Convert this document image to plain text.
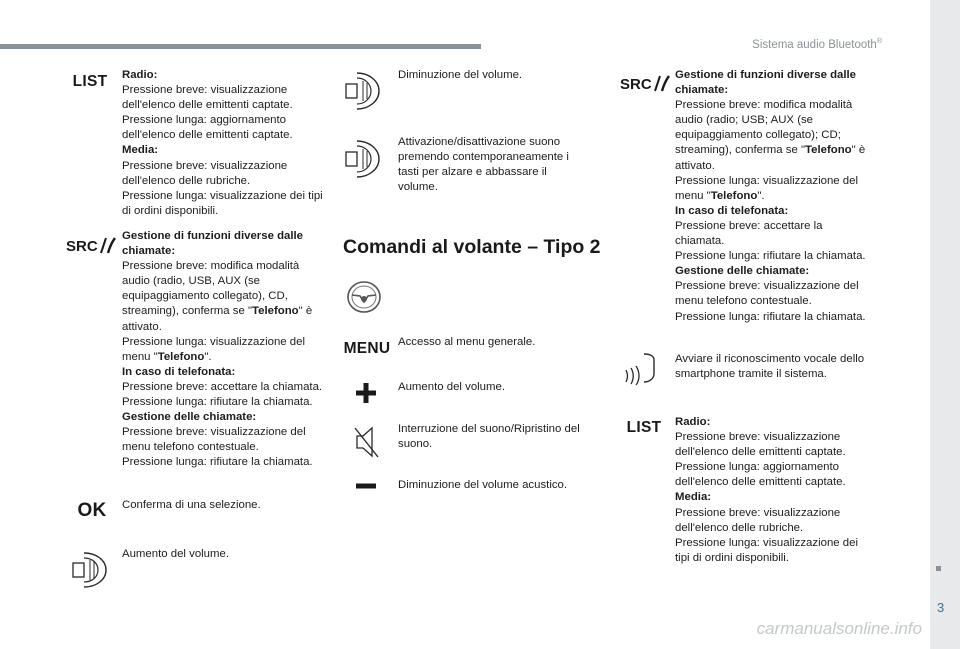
Sistema audio Bluetooth®
3
LIST Radio:
Pressione breve: visualizzazione dell'elenco delle emittenti captate.
Pressione lunga: aggiornamento dell'elenco delle emittenti captate.
Media:
Pressione breve: visualizzazione dell'elenco delle rubriche.
Pressione lunga: visualizzazione dei tipi di ordini disponibili.
SRC
Gestione di funzioni diverse dalle chiamate:
Pressione breve: modifica modalità audio (radio, USB, AUX (se equipaggiamento collegato), CD, streaming), conferma se "Telefono" è attivato.
Pressione lunga: visualizzazione del menu "Telefono".
In caso di telefonata:
Pressione breve: accettare la chiamata.
Pressione lunga: rifiutare la chiamata.
Gestione delle chiamate:
Pressione breve: visualizzazione del menu telefono contestuale.
Pressione lunga: rifiutare la chiamata.
OK Conferma di una selezione.
Aumento del volume.
Diminuzione del volume.
Attivazione/disattivazione suono premendo contemporaneamente i tasti per alzare e abbassare il volume.
Comandi al volante – Tipo 2
MENU Accesso al menu generale.
Aumento del volume.
Interruzione del suono/Ripristino del suono.
Diminuzione del volume acustico.
SRC
Gestione di funzioni diverse dalle chiamate:
Pressione breve: modifica modalità audio (radio; USB; AUX (se equipaggiamento collegato); CD; streaming), conferma se "Telefono" è attivato.
Pressione lunga: visualizzazione del menu "Telefono".
In caso di telefonata:
Pressione breve: accettare la chiamata.
Pressione lunga: rifiutare la chiamata.
Gestione delle chiamate:
Pressione breve: visualizzazione del menu telefono contestuale.
Pressione lunga: rifiutare la chiamata.
Avviare il riconoscimento vocale dello smartphone tramite il sistema.
LIST Radio:
Pressione breve: visualizzazione dell'elenco delle emittenti captate.
Pressione lunga: aggiornamento dell'elenco delle emittenti captate.
Media:
Pressione breve: visualizzazione dell'elenco delle rubriche.
Pressione lunga: visualizzazione dei tipi di ordini disponibili.
carmanualsonline.info
